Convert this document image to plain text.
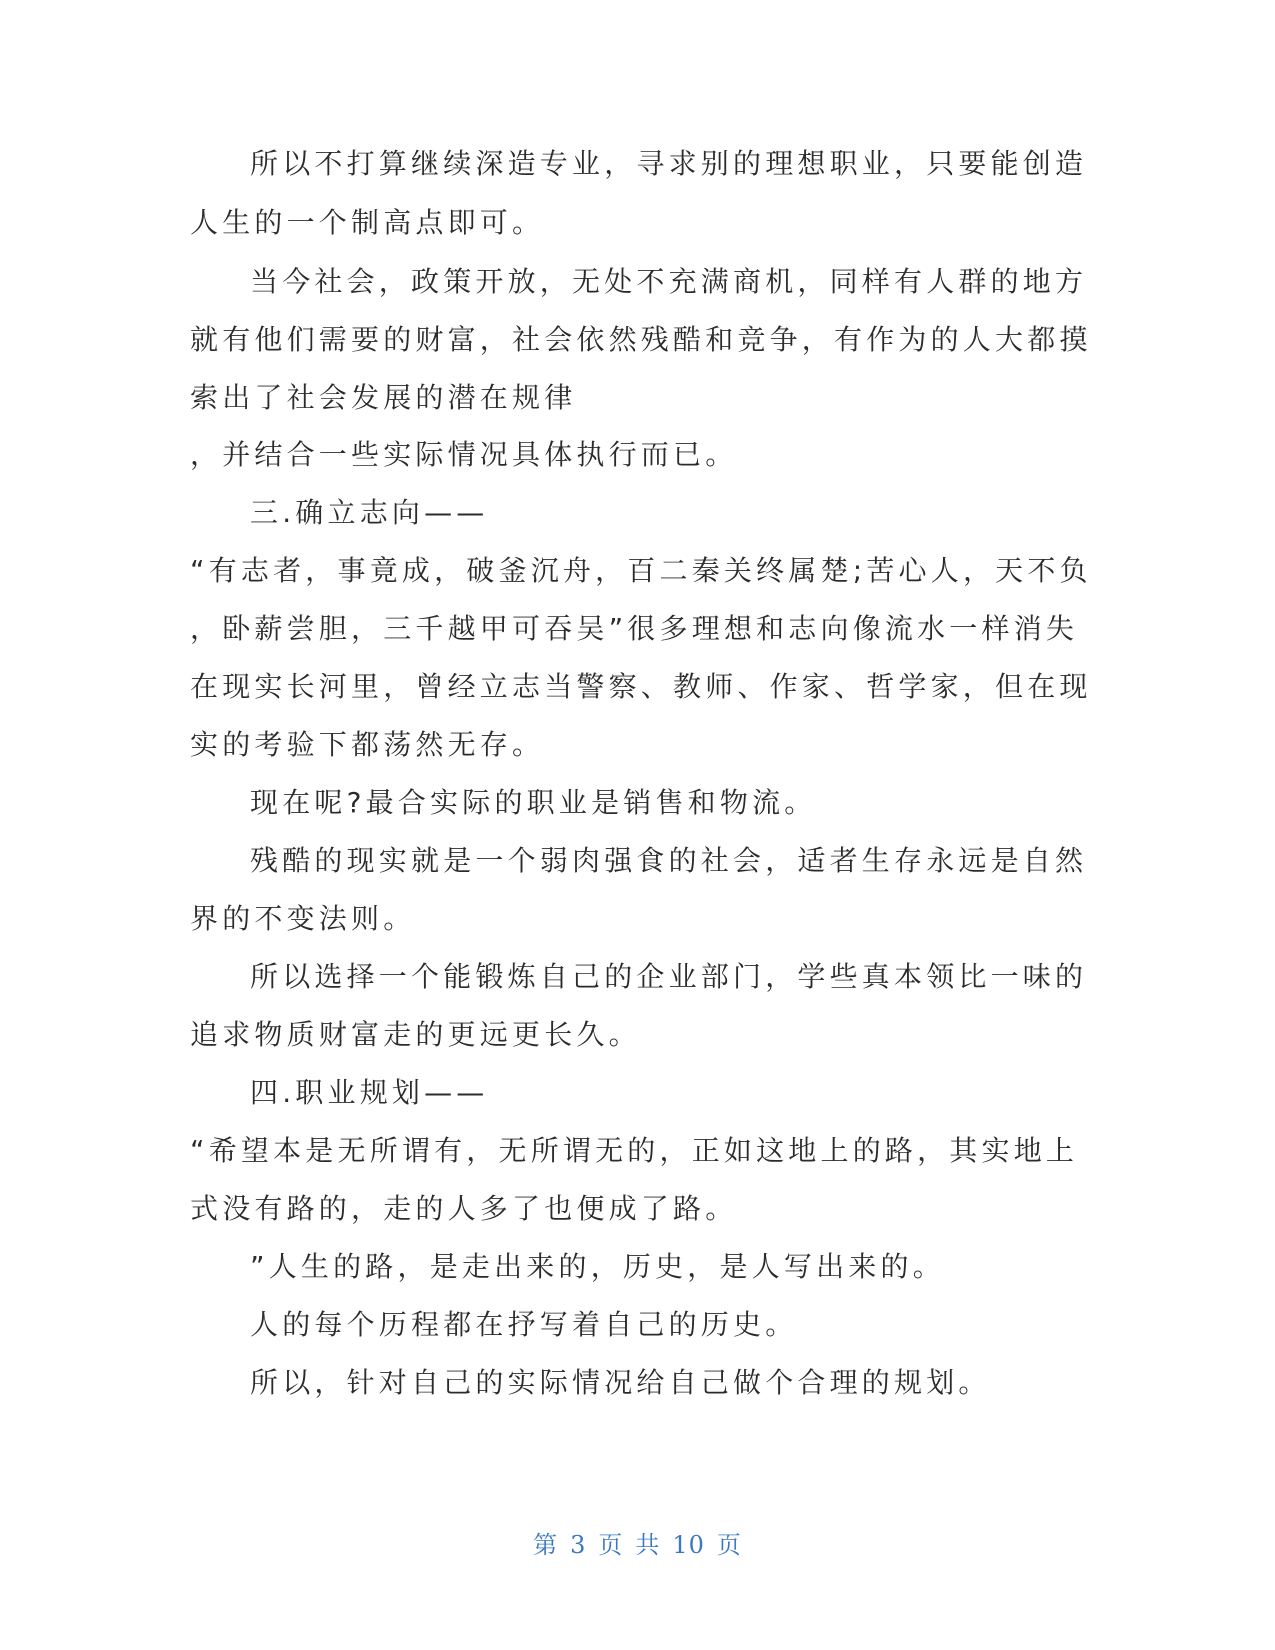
所以不打算继续深造专业，寻求别的理想职业，只要能创造
人生的一个制高点即可。
当今社会，政策开放，无处不充满商机，同样有人群的地方
就有他们需要的财富，社会依然残酷和竞争，有作为的人大都摸
索出了社会发展的潜在规律
，并结合一些实际情况具体执行而已。
三.确立志向——
“有志者，事竟成，破釜沉舟，百二秦关终属楚;苦心人，天不负
，卧薪尝胆，三千越甲可吞吴”很多理想和志向像流水一样消失
在现实长河里，曾经立志当警察、教师、作家、哲学家，但在现
实的考验下都荡然无存。
现在呢?最合实际的职业是销售和物流。
残酷的现实就是一个弱肉强食的社会，适者生存永远是自然
界的不变法则。
所以选择一个能锻炼自己的企业部门，学些真本领比一味的
追求物质财富走的更远更长久。
四.职业规划——
“希望本是无所谓有，无所谓无的，正如这地上的路，其实地上
式没有路的，走的人多了也便成了路。
”人生的路，是走出来的，历史，是人写出来的。
人的每个历程都在抒写着自己的历史。
所以，针对自己的实际情况给自己做个合理的规划。
第 3 页 共 10 页
